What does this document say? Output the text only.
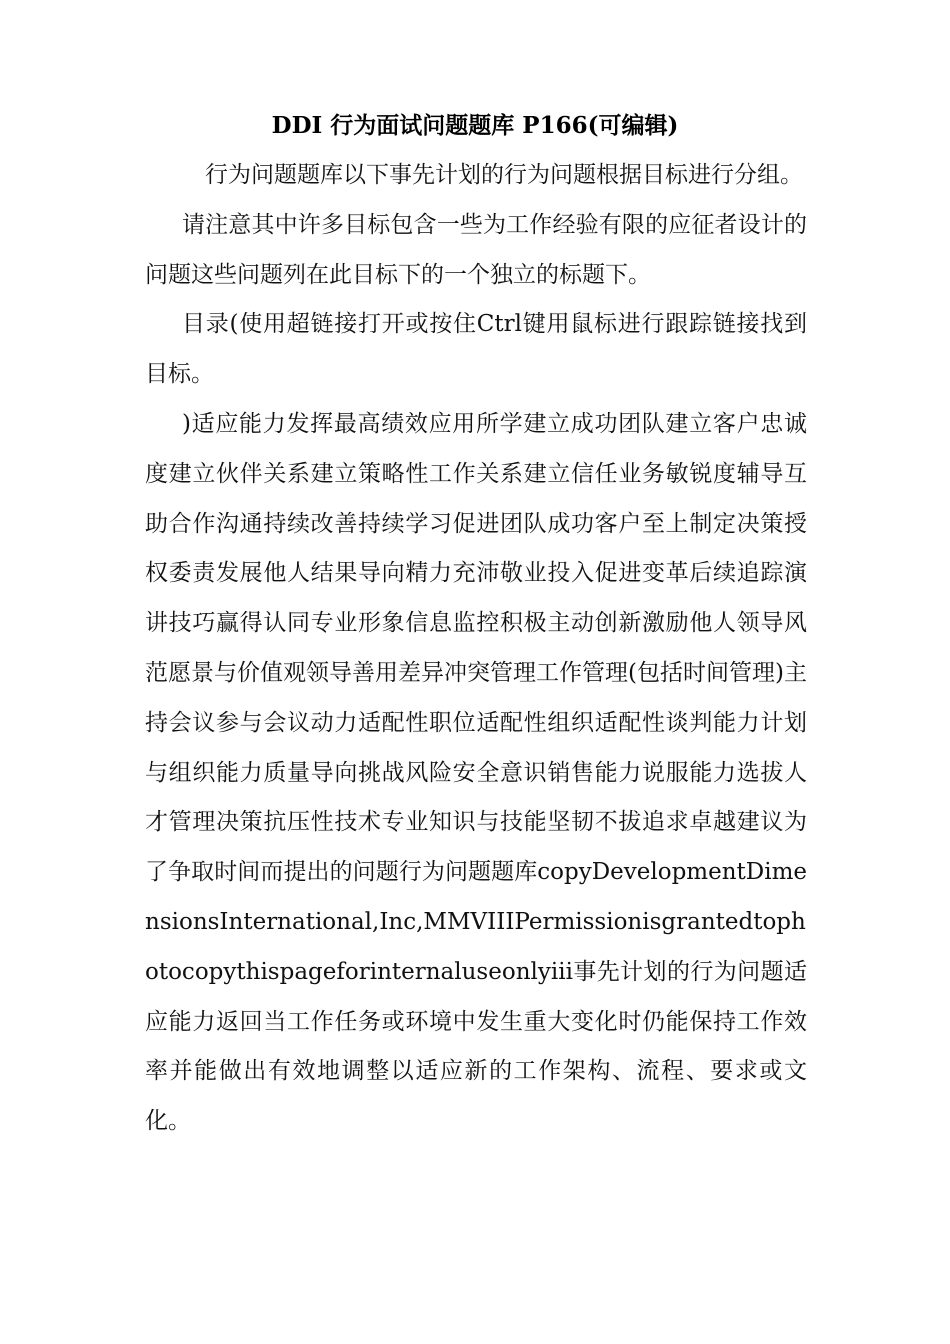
DDI 行为面试问题题库 P166(可编辑)

行为问题题库以下事先计划的行为问题根据目标进行分组。

请注意其中许多目标包含一些为工作经验有限的应征者设计的问题这些问题列在此目标下的一个独立的标题下。

目录(使用超链接打开或按住Ctrl键用鼠标进行跟踪链接找到目标。

)适应能力发挥最高绩效应用所学建立成功团队建立客户忠诚度建立伙伴关系建立策略性工作关系建立信任业务敏锐度辅导互助合作沟通持续改善持续学习促进团队成功客户至上制定决策授权委责发展他人结果导向精力充沛敬业投入促进变革后续追踪演讲技巧赢得认同专业形象信息监控积极主动创新激励他人领导风范愿景与价值观领导善用差异冲突管理工作管理(包括时间管理)主持会议参与会议动力适配性职位适配性组织适配性谈判能力计划与组织能力质量导向挑战风险安全意识销售能力说服能力选拔人才管理决策抗压性技术专业知识与技能坚韧不拔追求卓越建议为了争取时间而提出的问题行为问题题库copyDevelopmentDimensionsInternational,Inc,MMVIIIPermissionisgrantedtophotocopythispageforinternaluseonlyiii事先计划的行为问题适应能力返回当工作任务或环境中发生重大变化时仍能保持工作效率并能做出有效地调整以适应新的工作架构、流程、要求或文化。
